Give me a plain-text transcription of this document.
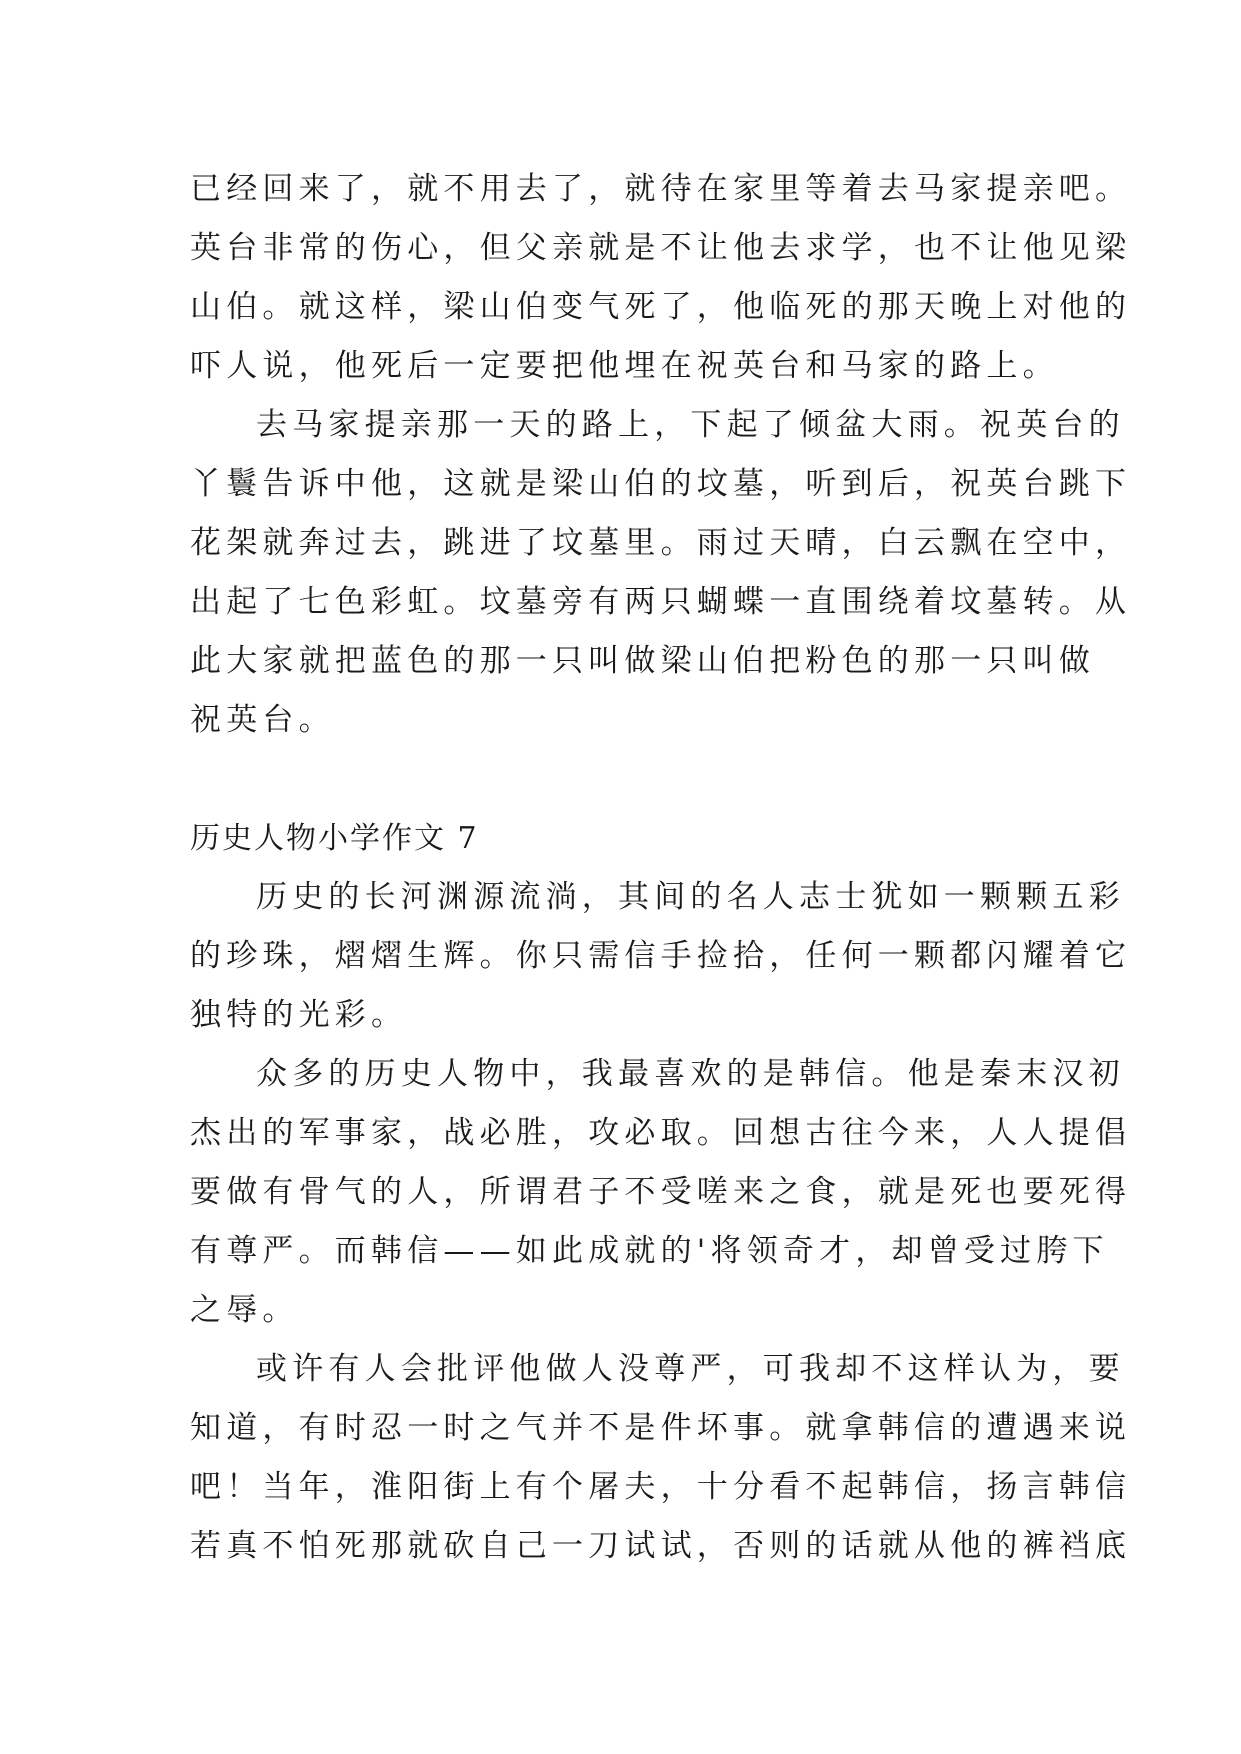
已经回来了，就不用去了，就待在家里等着去马家提亲吧。
英台非常的伤心，但父亲就是不让他去求学，也不让他见梁
山伯。就这样，梁山伯变气死了，他临死的那天晚上对他的
吓人说，他死后一定要把他埋在祝英台和马家的路上。
去马家提亲那一天的路上，下起了倾盆大雨。祝英台的
丫鬟告诉中他，这就是梁山伯的坟墓，听到后，祝英台跳下
花架就奔过去，跳进了坟墓里。雨过天晴，白云飘在空中，
出起了七色彩虹。坟墓旁有两只蝴蝶一直围绕着坟墓转。从
此大家就把蓝色的那一只叫做梁山伯把粉色的那一只叫做
祝英台。
历史人物小学作文 7
历史的长河渊源流淌，其间的名人志士犹如一颗颗五彩
的珍珠，熠熠生辉。你只需信手捡拾，任何一颗都闪耀着它
独特的光彩。
众多的历史人物中，我最喜欢的是韩信。他是秦末汉初
杰出的军事家，战必胜，攻必取。回想古往今来，人人提倡
要做有骨气的人，所谓君子不受嗟来之食，就是死也要死得
有尊严。而韩信——如此成就的'将领奇才，却曾受过胯下
之辱。
或许有人会批评他做人没尊严，可我却不这样认为，要
知道，有时忍一时之气并不是件坏事。就拿韩信的遭遇来说
吧！当年，淮阳街上有个屠夫，十分看不起韩信，扬言韩信
若真不怕死那就砍自己一刀试试，否则的话就从他的裤裆底
